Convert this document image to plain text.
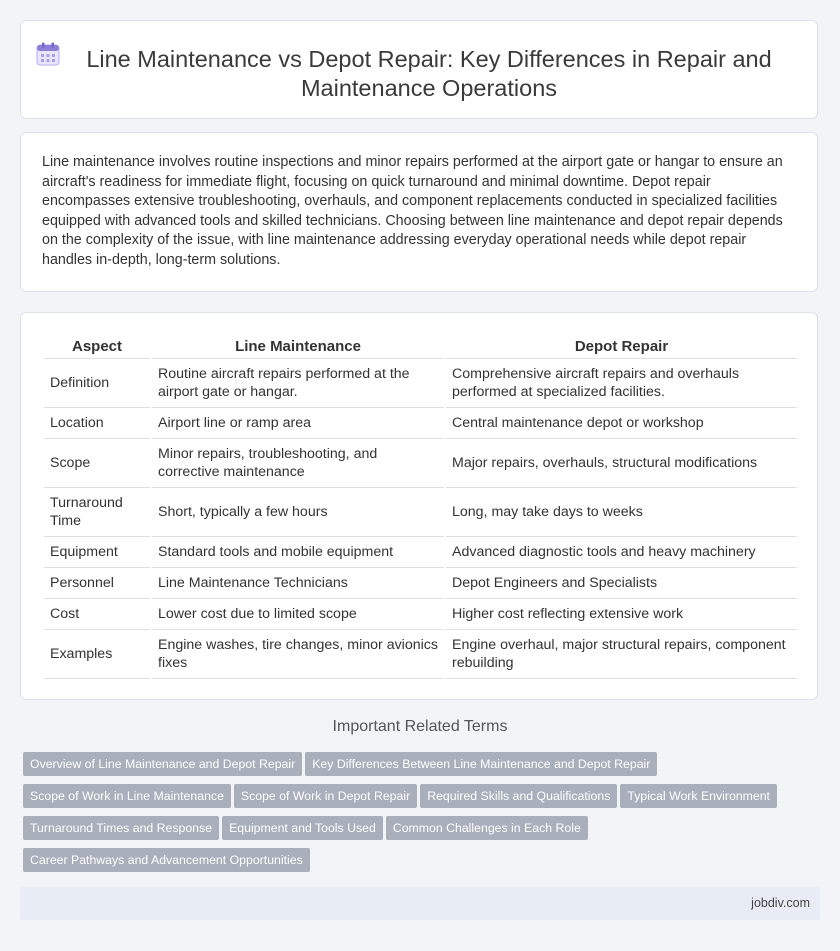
Line Maintenance vs Depot Repair: Key Differences in Repair and Maintenance Operations

Line maintenance involves routine inspections and minor repairs performed at the airport gate or hangar to ensure an aircraft's readiness for immediate flight, focusing on quick turnaround and minimal downtime. Depot repair encompasses extensive troubleshooting, overhauls, and component replacements conducted in specialized facilities equipped with advanced tools and skilled technicians. Choosing between line maintenance and depot repair depends on the complexity of the issue, with line maintenance addressing everyday operational needs while depot repair handles in-depth, long-term solutions.

Aspect	Line Maintenance	Depot Repair
Definition	Routine aircraft repairs performed at the airport gate or hangar.	Comprehensive aircraft repairs and overhauls performed at specialized facilities.
Location	Airport line or ramp area	Central maintenance depot or workshop
Scope	Minor repairs, troubleshooting, and corrective maintenance	Major repairs, overhauls, structural modifications
Turnaround Time	Short, typically a few hours	Long, may take days to weeks
Equipment	Standard tools and mobile equipment	Advanced diagnostic tools and heavy machinery
Personnel	Line Maintenance Technicians	Depot Engineers and Specialists
Cost	Lower cost due to limited scope	Higher cost reflecting extensive work
Examples	Engine washes, tire changes, minor avionics fixes	Engine overhaul, major structural repairs, component rebuilding
Important Related Terms
Overview of Line Maintenance and Depot Repair Key Differences Between Line Maintenance and Depot Repair
Scope of Work in Line Maintenance Scope of Work in Depot Repair Required Skills and Qualifications Typical Work Environment
Turnaround Times and Response Equipment and Tools Used Common Challenges in Each Role
Career Pathways and Advancement Opportunities
jobdiv.com
